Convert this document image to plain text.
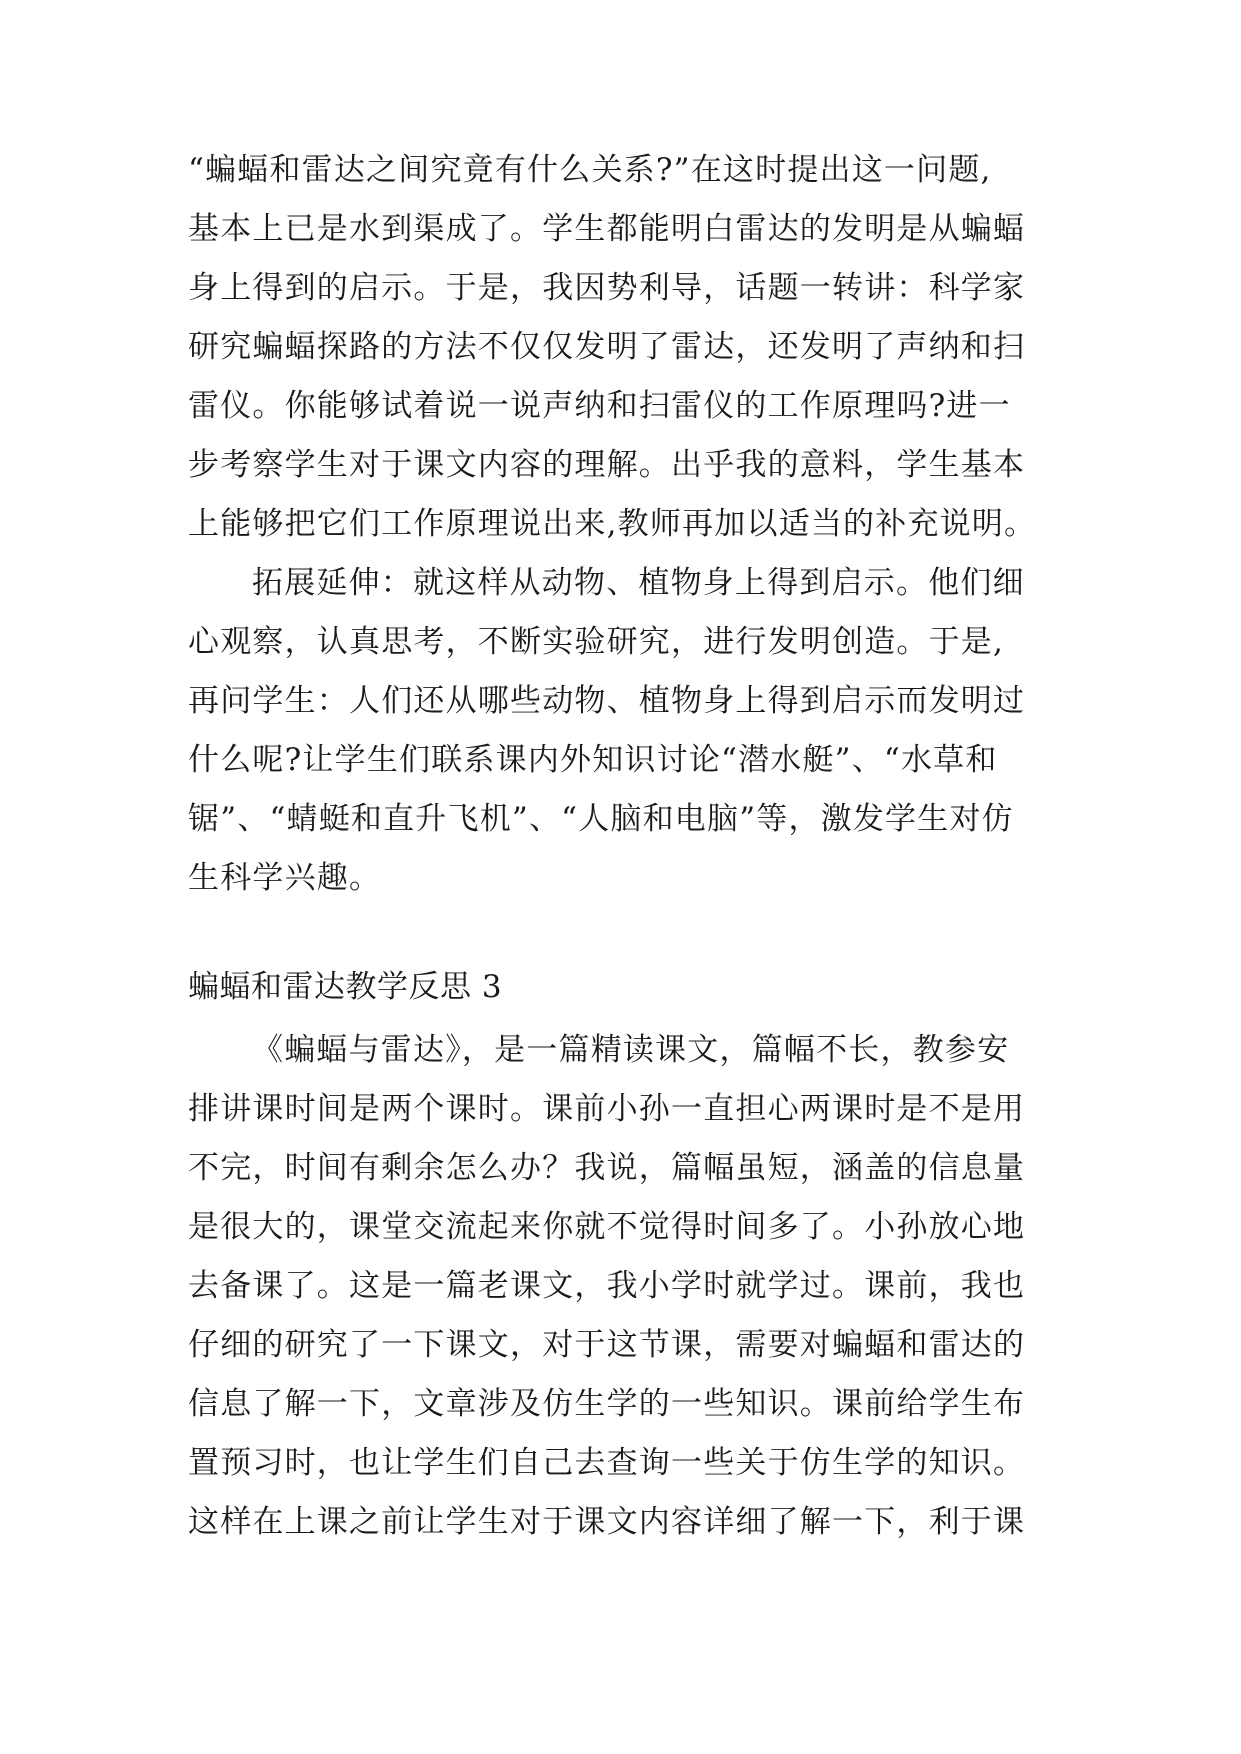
“蝙蝠和雷达之间究竟有什么关系?”在这时提出这一问题,
基本上已是水到渠成了。学生都能明白雷达的发明是从蝙蝠
身上得到的启示。于是，我因势利导，话题一转讲：科学家
研究蝙蝠探路的方法不仅仅发明了雷达，还发明了声纳和扫
雷仪。你能够试着说一说声纳和扫雷仪的工作原理吗?进一
步考察学生对于课文内容的理解。出乎我的意料，学生基本
上能够把它们工作原理说出来,教师再加以适当的补充说明。
拓展延伸：就这样从动物、植物身上得到启示。他们细
心观察，认真思考，不断实验研究，进行发明创造。于是,
再问学生：人们还从哪些动物、植物身上得到启示而发明过
什么呢?让学生们联系课内外知识讨论“潜水艇”、“水草和
锯”、“蜻蜓和直升飞机”、“人脑和电脑”等，激发学生对仿
生科学兴趣。
蝙蝠和雷达教学反思 3
《蝙蝠与雷达》，是一篇精读课文，篇幅不长，教参安
排讲课时间是两个课时。课前小孙一直担心两课时是不是用
不完，时间有剩余怎么办？我说，篇幅虽短，涵盖的信息量
是很大的，课堂交流起来你就不觉得时间多了。小孙放心地
去备课了。这是一篇老课文，我小学时就学过。课前，我也
仔细的研究了一下课文，对于这节课，需要对蝙蝠和雷达的
信息了解一下，文章涉及仿生学的一些知识。课前给学生布
置预习时，也让学生们自己去查询一些关于仿生学的知识。
这样在上课之前让学生对于课文内容详细了解一下，利于课
